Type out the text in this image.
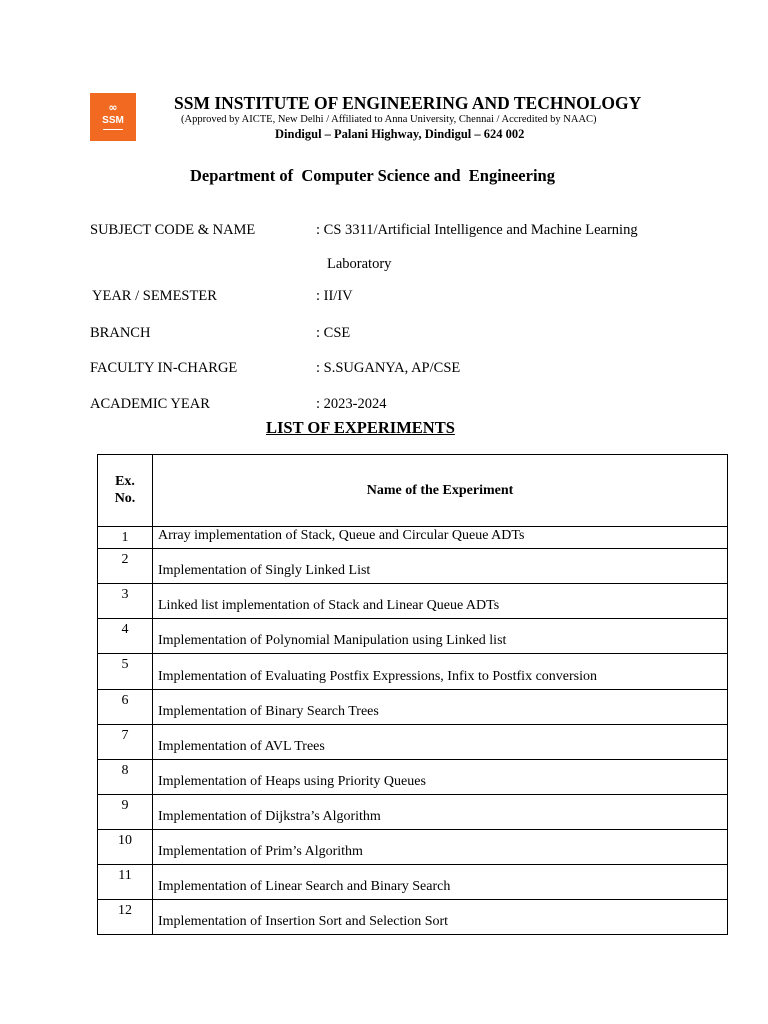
∞
SSM
SSM INSTITUTE OF ENGINEERING AND TECHNOLOGY
(Approved by AICTE, New Delhi / Affiliated to Anna University, Chennai / Accredited by NAAC)
Dindigul – Palani Highway, Dindigul – 624 002
Department of  Computer Science and  Engineering
SUBJECT CODE & NAME	: CS 3311/Artificial Intelligence and Machine Learning
Laboratory
YEAR / SEMESTER	: II/IV
BRANCH	: CSE
FACULTY IN-CHARGE	: S.SUGANYA, AP/CSE
ACADEMIC YEAR	: 2023-2024
LIST OF EXPERIMENTS
Ex.
No.	Name of the Experiment
1	Array implementation of Stack, Queue and Circular Queue ADTs
2	Implementation of Singly Linked List
3	Linked list implementation of Stack and Linear Queue ADTs
4	Implementation of Polynomial Manipulation using Linked list
5	Implementation of Evaluating Postfix Expressions, Infix to Postfix conversion
6	Implementation of Binary Search Trees
7	Implementation of AVL Trees
8	Implementation of Heaps using Priority Queues
9	Implementation of Dijkstra’s Algorithm
10	Implementation of Prim’s Algorithm
11	Implementation of Linear Search and Binary Search
12	Implementation of Insertion Sort and Selection Sort
